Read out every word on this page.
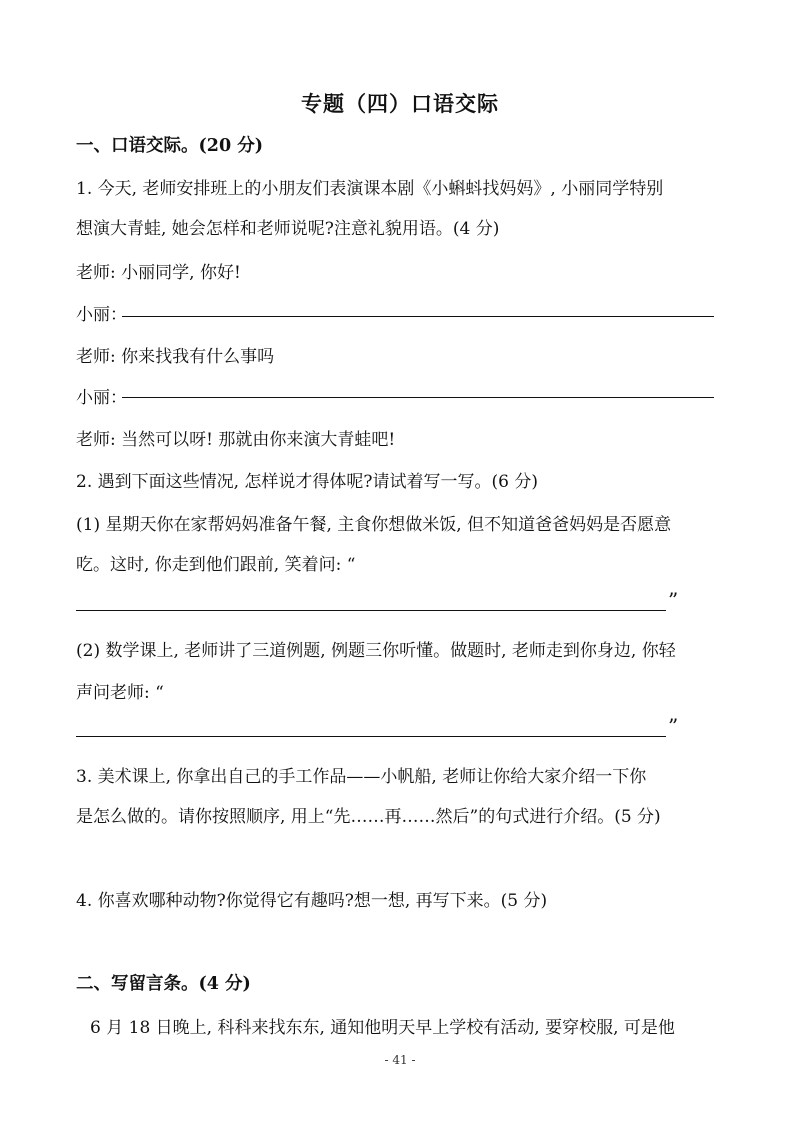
专题（四）口语交际
一、口语交际。(20 分)
1. 今天, 老师安排班上的小朋友们表演课本剧《小蝌蚪找妈妈》, 小丽同学特别
想演大青蛙, 她会怎样和老师说呢?注意礼貌用语。(4 分)
老师: 小丽同学, 你好!
小丽：
老师: 你来找我有什么事吗
小丽：
老师: 当然可以呀! 那就由你来演大青蛙吧!
2. 遇到下面这些情况, 怎样说才得体呢?请试着写一写。(6 分)
(1) 星期天你在家帮妈妈准备午餐, 主食你想做米饭, 但不知道爸爸妈妈是否愿意
吃。这时, 你走到他们跟前, 笑着问: “
”
(2) 数学课上, 老师讲了三道例题, 例题三你听懂。做题时, 老师走到你身边, 你轻
声问老师: “
”
3. 美术课上, 你拿出自己的手工作品——小帆船, 老师让你给大家介绍一下你
是怎么做的。请你按照顺序, 用上“先……再……然后”的句式进行介绍。(5 分)
4. 你喜欢哪种动物?你觉得它有趣吗?想一想, 再写下来。(5 分)
二、写留言条。(4 分)
6 月 18 日晚上, 科科来找东东, 通知他明天早上学校有活动, 要穿校服, 可是他
- 41 -
